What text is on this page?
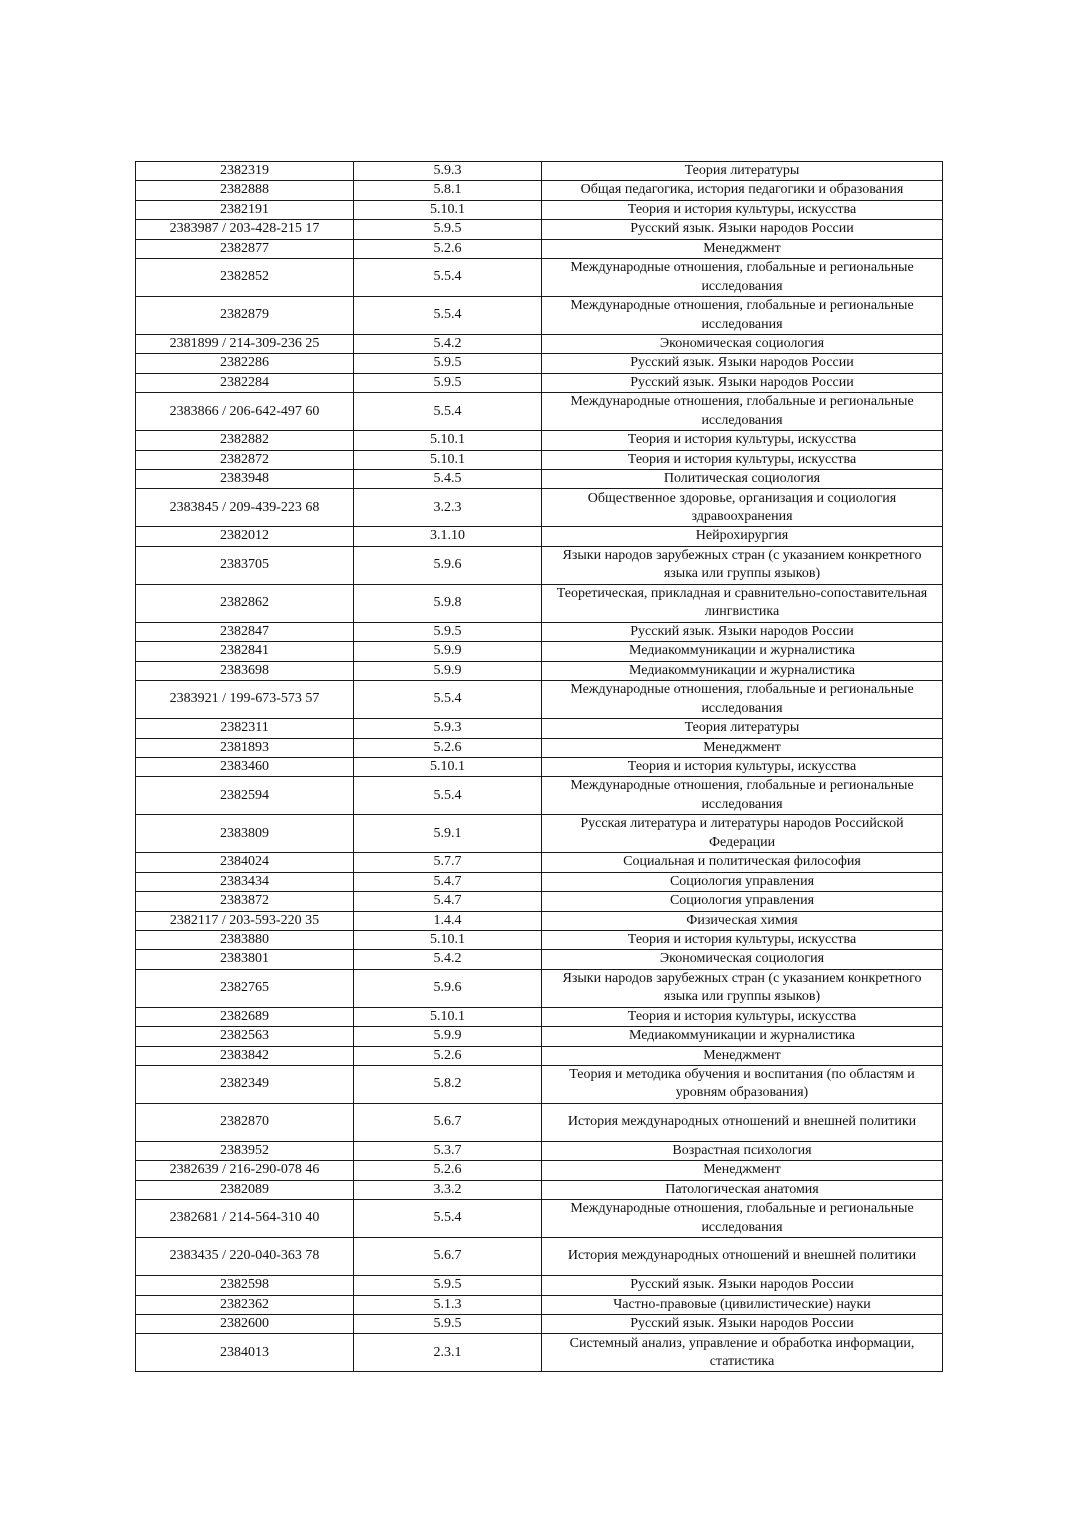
2382319	5.9.3	Теория литературы
2382888	5.8.1	Общая педагогика, история педагогики и образования
2382191	5.10.1	Теория и история культуры, искусства
2383987 / 203-428-215 17	5.9.5	Русский язык. Языки народов России
2382877	5.2.6	Менеджмент
2382852	5.5.4	Международные отношения, глобальные и региональные исследования
2382879	5.5.4	Международные отношения, глобальные и региональные исследования
2381899 / 214-309-236 25	5.4.2	Экономическая социология
2382286	5.9.5	Русский язык. Языки народов России
2382284	5.9.5	Русский язык. Языки народов России
2383866 / 206-642-497 60	5.5.4	Международные отношения, глобальные и региональные исследования
2382882	5.10.1	Теория и история культуры, искусства
2382872	5.10.1	Теория и история культуры, искусства
2383948	5.4.5	Политическая социология
2383845 / 209-439-223 68	3.2.3	Общественное здоровье, организация и социология здравоохранения
2382012	3.1.10	Нейрохирургия
2383705	5.9.6	Языки народов зарубежных стран (с указанием конкретного языка или группы языков)
2382862	5.9.8	Теоретическая, прикладная и сравнительно-сопоставительная лингвистика
2382847	5.9.5	Русский язык. Языки народов России
2382841	5.9.9	Медиакоммуникации и журналистика
2383698	5.9.9	Медиакоммуникации и журналистика
2383921 / 199-673-573 57	5.5.4	Международные отношения, глобальные и региональные исследования
2382311	5.9.3	Теория литературы
2381893	5.2.6	Менеджмент
2383460	5.10.1	Теория и история культуры, искусства
2382594	5.5.4	Международные отношения, глобальные и региональные исследования
2383809	5.9.1	Русская литература и литературы народов Российской Федерации
2384024	5.7.7	Социальная и политическая философия
2383434	5.4.7	Социология управления
2383872	5.4.7	Социология управления
2382117 / 203-593-220 35	1.4.4	Физическая химия
2383880	5.10.1	Теория и история культуры, искусства
2383801	5.4.2	Экономическая социология
2382765	5.9.6	Языки народов зарубежных стран (с указанием конкретного языка или группы языков)
2382689	5.10.1	Теория и история культуры, искусства
2382563	5.9.9	Медиакоммуникации и журналистика
2383842	5.2.6	Менеджмент
2382349	5.8.2	Теория и методика обучения и воспитания (по областям и уровням образования)
2382870	5.6.7	История международных отношений и внешней политики
2383952	5.3.7	Возрастная психология
2382639 / 216-290-078 46	5.2.6	Менеджмент
2382089	3.3.2	Патологическая анатомия
2382681 / 214-564-310 40	5.5.4	Международные отношения, глобальные и региональные исследования
2383435 / 220-040-363 78	5.6.7	История международных отношений и внешней политики
2382598	5.9.5	Русский язык. Языки народов России
2382362	5.1.3	Частно-правовые (цивилистические) науки
2382600	5.9.5	Русский язык. Языки народов России
2384013	2.3.1	Системный анализ, управление и обработка информации, статистика
